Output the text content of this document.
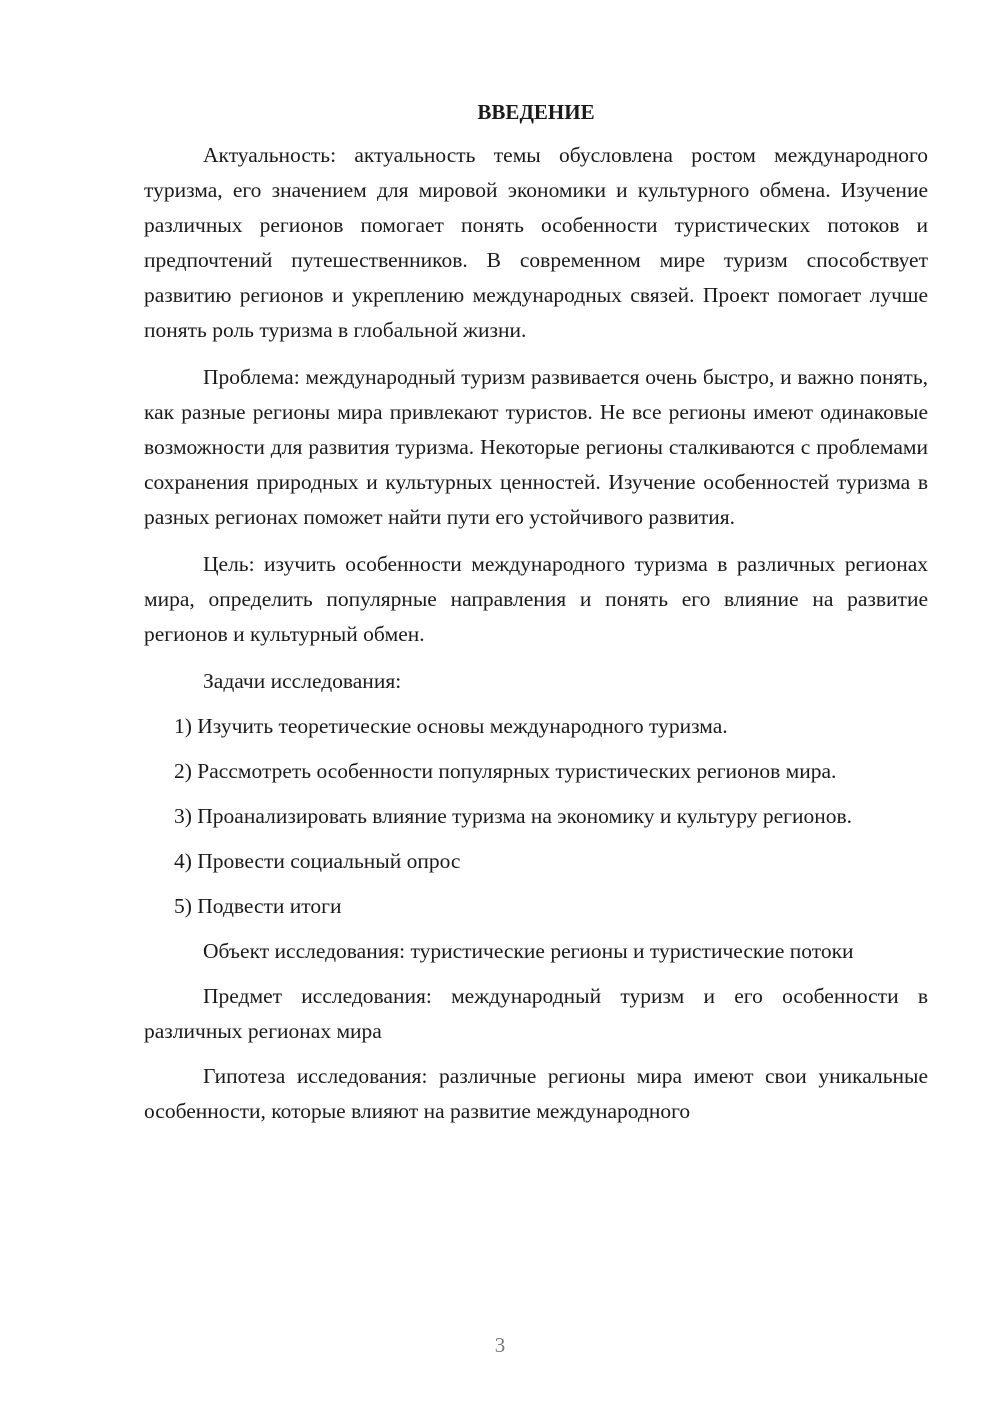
ВВЕДЕНИЕ

Актуальность: актуальность темы обусловлена ростом международного туризма, его значением для мировой экономики и культурного обмена. Изучение различных регионов помогает понять особенности туристических потоков и предпочтений путешественников. В современном мире туризм способствует развитию регионов и укреплению международных связей. Проект помогает лучше понять роль туризма в глобальной жизни.

Проблема: международный туризм развивается очень быстро, и важно понять, как разные регионы мира привлекают туристов. Не все регионы имеют одинаковые возможности для развития туризма. Некоторые регионы сталкиваются с проблемами сохранения природных и культурных ценностей. Изучение особенностей туризма в разных регионах поможет найти пути его устойчивого развития.

Цель: изучить особенности международного туризма в различных регионах мира, определить популярные направления и понять его влияние на развитие регионов и культурный обмен.

Задачи исследования:

1) Изучить теоретические основы международного туризма.

2) Рассмотреть особенности популярных туристических регионов мира.

3) Проанализировать влияние туризма на экономику и культуру регионов.

4) Провести социальный опрос

5) Подвести итоги

Объект исследования: туристические регионы и туристические потоки

Предмет исследования: международный туризм и его особенности в различных регионах мира

Гипотеза исследования: различные регионы мира имеют свои уникальные особенности, которые влияют на развитие международного

3
